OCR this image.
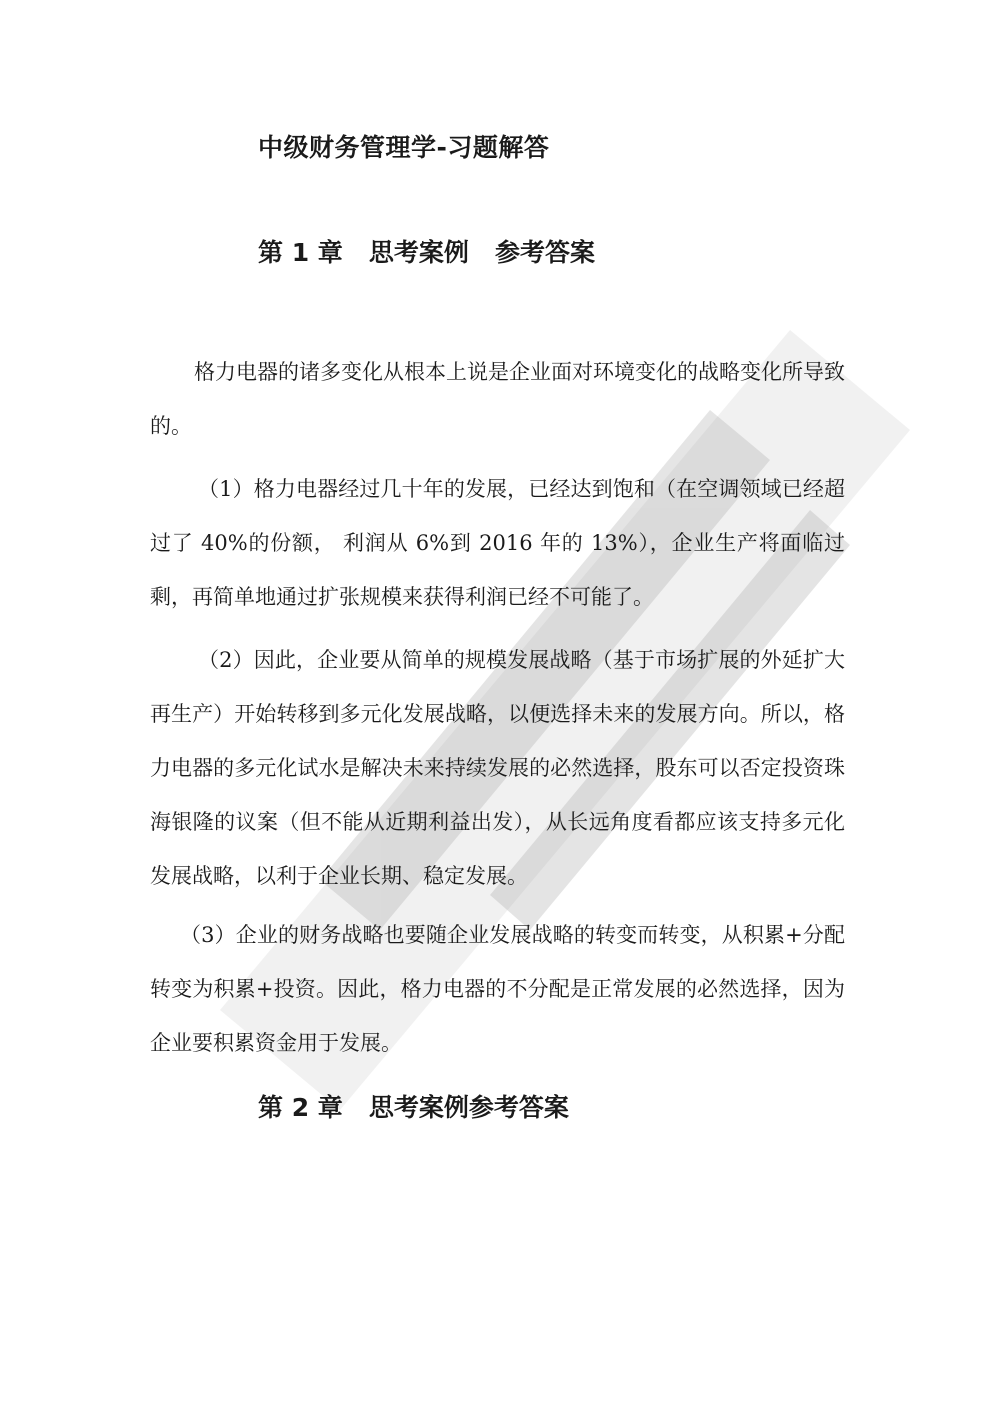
中级财务管理学-习题解答
第 1 章   思考案例   参考答案

格力电器的诸多变化从根本上说是企业面对环境变化的战略变化所导致的。

（1）格力电器经过几十年的发展，已经达到饱和（在空调领域已经超过了 40%的份额， 利润从 6%到 2016 年的 13%），企业生产将面临过剩，再简单地通过扩张规模来获得利润已经不可能了。

（2）因此，企业要从简单的规模发展战略（基于市场扩展的外延扩大再生产）开始转移到多元化发展战略，以便选择未来的发展方向。所以，格力电器的多元化试水是解决未来持续发展的必然选择，股东可以否定投资珠海银隆的议案（但不能从近期利益出发），从长远角度看都应该支持多元化发展战略，以利于企业长期、稳定发展。

（3）企业的财务战略也要随企业发展战略的转变而转变，从积累+分配转变为积累+投资。因此，格力电器的不分配是正常发展的必然选择，因为企业要积累资金用于发展。

第 2 章   思考案例参考答案
